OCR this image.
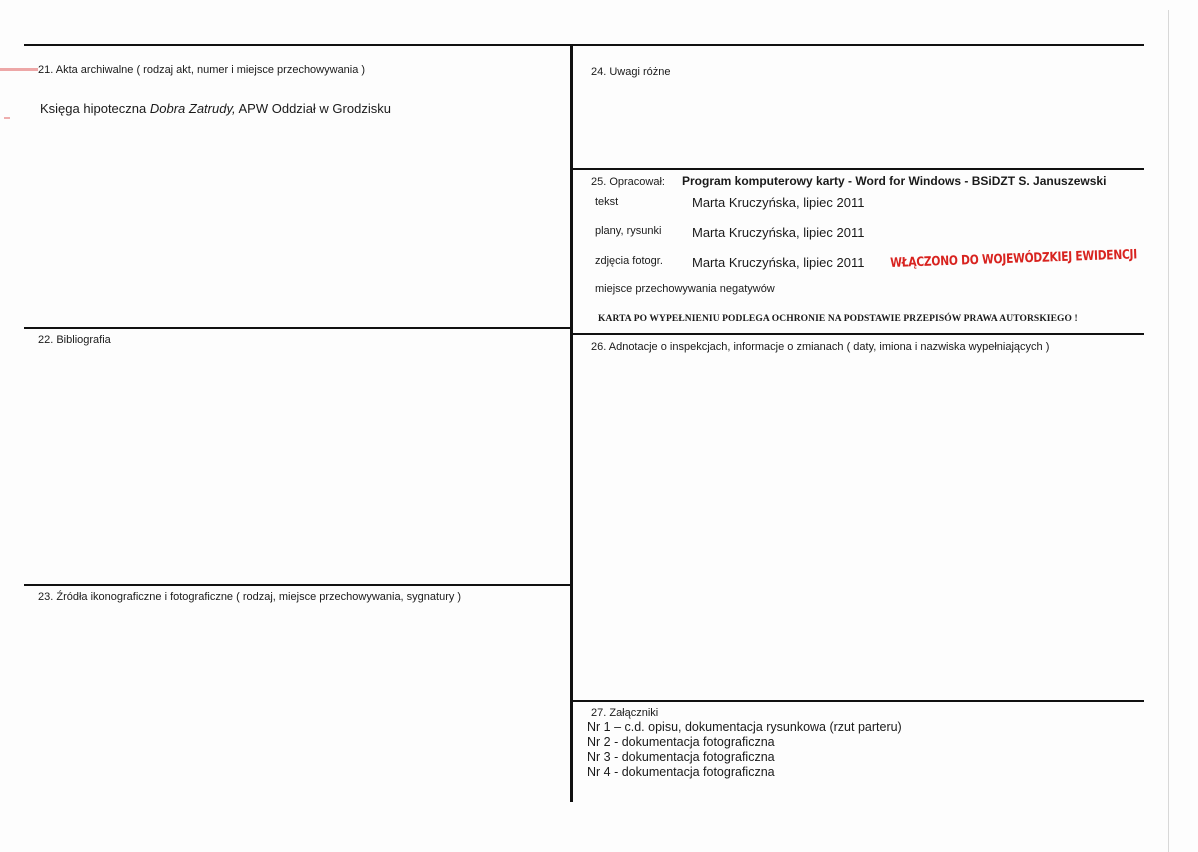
21. Akta archiwalne ( rodzaj akt, numer i miejsce przechowywania )
Księga hipoteczna Dobra Zatrudy, APW Oddział w Grodzisku
22. Bibliografia
23. Źródła ikonograficzne i fotograficzne ( rodzaj, miejsce przechowywania, sygnatury )
24. Uwagi różne
25. Opracował: Program komputerowy karty - Word for Windows - BSiDZT S. Januszewski
tekst	Marta Kruczyńska, lipiec 2011
plany, rysunki Marta Kruczyńska, lipiec 2011
zdjęcia fotogr. Marta Kruczyńska, lipiec 2011 WŁĄCZONO DO WOJEWÓDZKIEJ EWIDENCJI
miejsce przechowywania negatywów
KARTA PO WYPEŁNIENIU PODLEGA OCHRONIE NA PODSTAWIE PRZEPISÓW PRAWA AUTORSKIEGO !
26. Adnotacje o inspekcjach, informacje o zmianach ( daty, imiona i nazwiska wypełniających )
27. Załączniki
Nr 1 – c.d. opisu, dokumentacja rysunkowa (rzut parteru)
Nr 2 - dokumentacja fotograficzna
Nr 3 - dokumentacja fotograficzna
Nr 4 - dokumentacja fotograficzna
